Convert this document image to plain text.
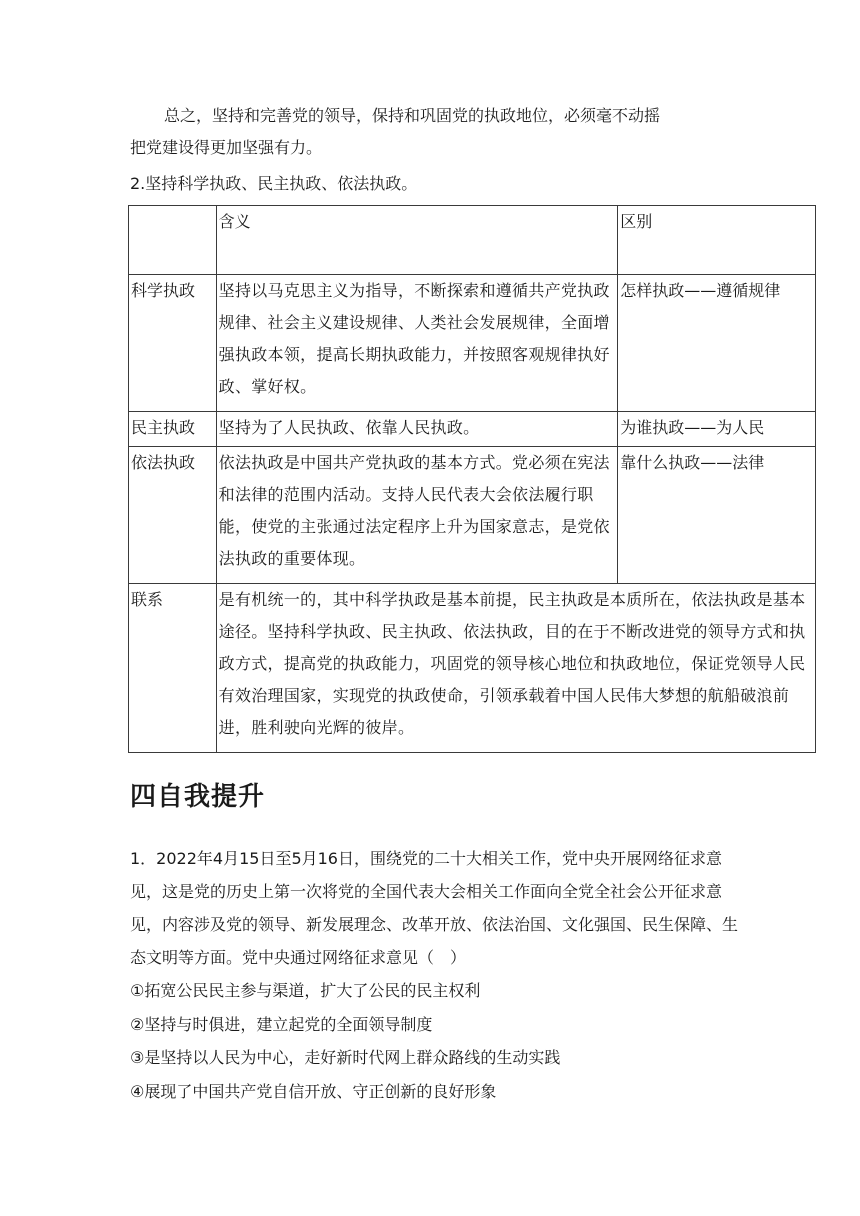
总之，坚持和完善党的领导，保持和巩固党的执政地位，必须毫不动摇
把党建设得更加坚强有力。

2.坚持科学执政、民主执政、依法执政。

	含义	区别
科学执政	坚持以马克思主义为指导，不断探索和遵循共产党执政规律、社会主义建设规律、人类社会发展规律，全面增强执政本领，提高长期执政能力，并按照客观规律执好政、掌好权。	怎样执政——遵循规律
民主执政	坚持为了人民执政、依靠人民执政。	为谁执政——为人民
依法执政	依法执政是中国共产党执政的基本方式。党必须在宪法和法律的范围内活动。支持人民代表大会依法履行职能，使党的主张通过法定程序上升为国家意志，是党依法执政的重要体现。	靠什么执政——法律
联系	是有机统一的，其中科学执政是基本前提，民主执政是本质所在，依法执政是基本途径。坚持科学执政、民主执政、依法执政，目的在于不断改进党的领导方式和执政方式，提高党的执政能力，巩固党的领导核心地位和执政地位，保证党领导人民有效治理国家，实现党的执政使命，引领承载着中国人民伟大梦想的航船破浪前进，胜利驶向光辉的彼岸。	
四自我提升

1．2022年4月15日至5月16日，围绕党的二十大相关工作，党中央开展网络征求意见，这是党的历史上第一次将党的全国代表大会相关工作面向全党全社会公开征求意见，内容涉及党的领导、新发展理念、改革开放、依法治国、文化强国、民生保障、生态文明等方面。党中央通过网络征求意见（　）

①拓宽公民民主参与渠道，扩大了公民的民主权利
②坚持与时俱进，建立起党的全面领导制度
③是坚持以人民为中心，走好新时代网上群众路线的生动实践
④展现了中国共产党自信开放、守正创新的良好形象
